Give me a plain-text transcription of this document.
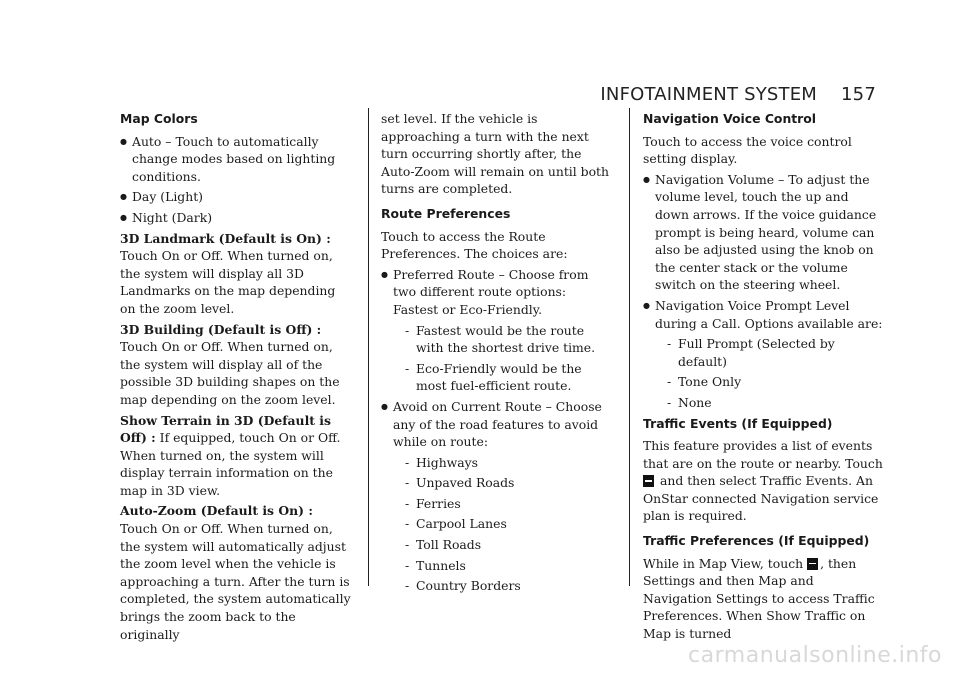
INFOTAINMENT SYSTEM 157
Map Colors
● Auto – Touch to automatically change modes based on lighting conditions.
● Day (Light)
● Night (Dark)

3D Landmark (Default is On) : Touch On or Off. When turned on, the system will display all 3D Landmarks on the map depending on the zoom level.

3D Building (Default is Off) : Touch On or Off. When turned on, the system will display all of the possible 3D building shapes on the map depending on the zoom level.

Show Terrain in 3D (Default is Off) : If equipped, touch On or Off. When turned on, the system will display terrain information on the map in 3D view.

Auto-Zoom (Default is On) : Touch On or Off. When turned on, the system will automatically adjust the zoom level when the vehicle is approaching a turn. After the turn is completed, the system automatically brings the zoom back to the originally

set level. If the vehicle is approaching a turn with the next turn occurring shortly after, the Auto-Zoom will remain on until both turns are completed.

Route Preferences

Touch to access the Route Preferences. The choices are:

● Preferred Route – Choose from two different route options: Fastest or Eco-Friendly.
- Fastest would be the route with the shortest drive time.
- Eco-Friendly would be the most fuel-efficient route.
● Avoid on Current Route – Choose any of the road features to avoid while on route:
- Highways
- Unpaved Roads
- Ferries
- Carpool Lanes
- Toll Roads
- Tunnels
- Country Borders
Navigation Voice Control

Touch to access the voice control setting display.

● Navigation Volume – To adjust the volume level, touch the up and down arrows. If the voice guidance prompt is being heard, volume can also be adjusted using the knob on the center stack or the volume switch on the steering wheel.
● Navigation Voice Prompt Level during a Call. Options available are:
- Full Prompt (Selected by default)
- Tone Only
- None
Traffic Events (If Equipped)

This feature provides a list of events that are on the route or nearby. Touch
and then select Traffic Events. An OnStar connected Navigation service plan is required.

Traffic Preferences (If Equipped)

While in Map View, touch , then Settings and then Map and Navigation Settings to access Traffic Preferences. When Show Traffic on Map is turned

carmanualsonline.info
